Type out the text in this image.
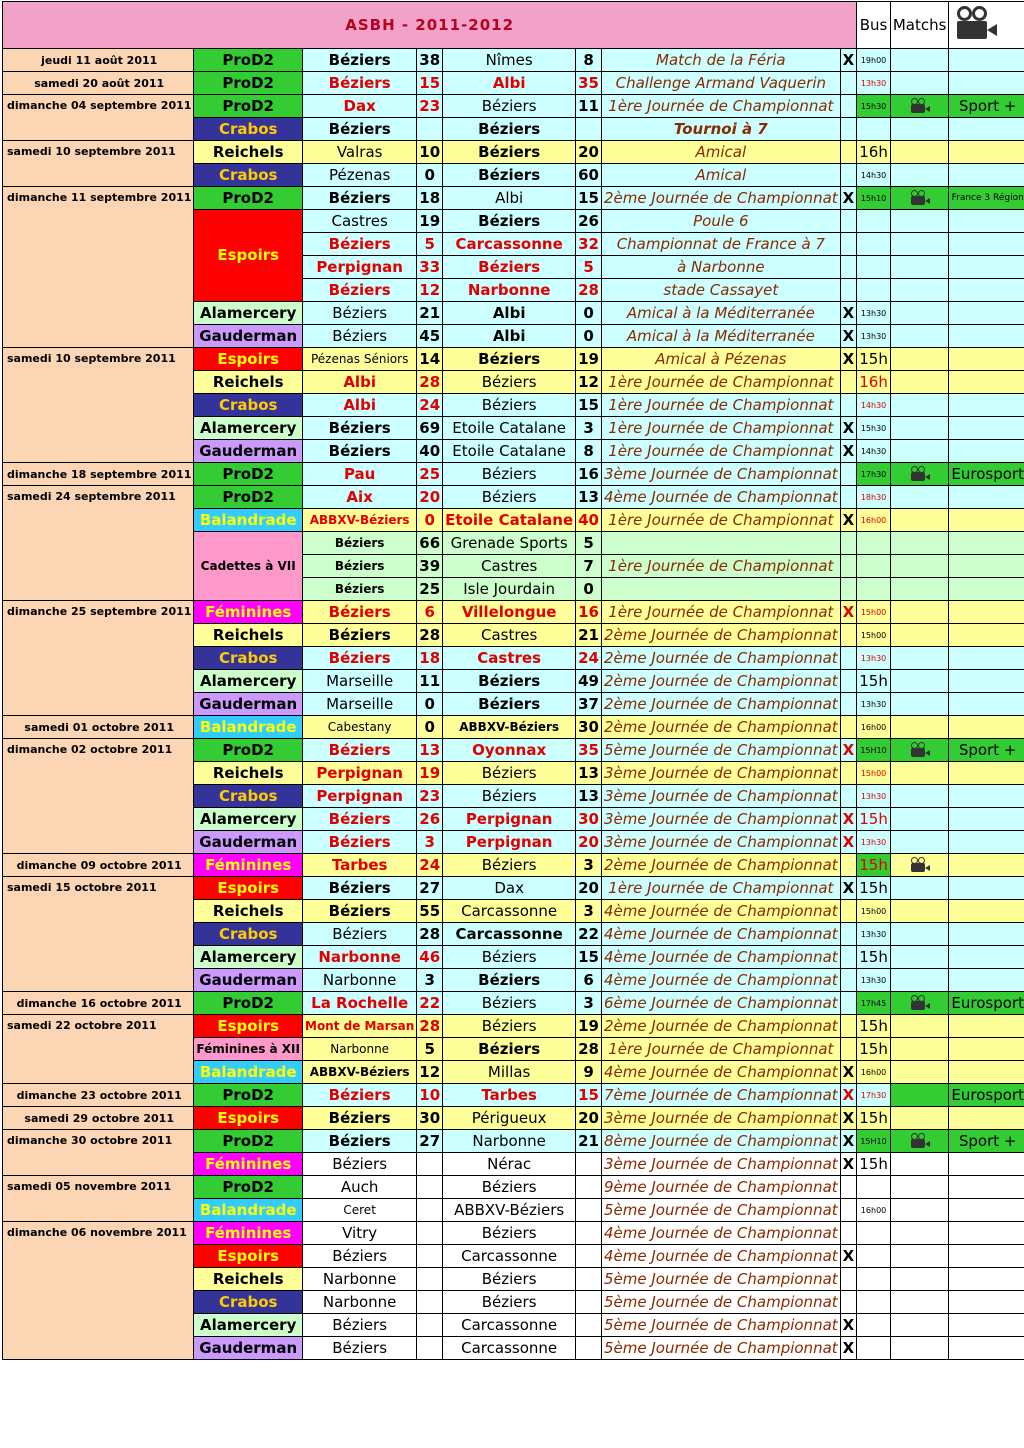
ASBH - 2011-2012								Bus	Matchs	

jeudi 11 août 2011	ProD2	Béziers	38	Nîmes	8	Match de la Féria	X	19h00		
samedi 20 août 2011	ProD2	Béziers	15	Albi	35	Challenge Armand Vaquerin		13h30		
dimanche 04 septembre 2011	ProD2	Dax	23	Béziers	11	1ère Journée de Championnat		15h30		Sport +
	Crabos	Béziers		Béziers		Tournoi à 7				
samedi 10 septembre 2011	Reichels	Valras	10	Béziers	20	Amical		16h		
	Crabos	Pézenas	0	Béziers	60	Amical		14h30		
dimanche 11 septembre 2011	ProD2	Béziers	18	Albi	15	2ème Journée de Championnat	X	15h10		France 3 Région
	Espoirs	Castres	19	Béziers	26	Poule 6				
		Béziers	5	Carcassonne	32	Championnat de France à 7				
		Perpignan	33	Béziers	5	à Narbonne				
		Béziers	12	Narbonne	28	stade Cassayet				
	Alamercery	Béziers	21	Albi	0	Amical à la Méditerranée	X	13h30		
	Gauderman	Béziers	45	Albi	0	Amical à la Méditerranée	X	13h30		
samedi 10 septembre 2011	Espoirs	Pézenas Séniors	14	Béziers	19	Amical à Pézenas	X	15h		
	Reichels	Albi	28	Béziers	12	1ère Journée de Championnat		16h		
	Crabos	Albi	24	Béziers	15	1ère Journée de Championnat		14h30		
	Alamercery	Béziers	69	Etoile Catalane	3	1ère Journée de Championnat	X	15h30		
	Gauderman	Béziers	40	Etoile Catalane	8	1ère Journée de Championnat	X	14h30		
dimanche 18 septembre 2011	ProD2	Pau	25	Béziers	16	3ème Journée de Championnat		17h30		Eurosport
samedi 24 septembre 2011	ProD2	Aix	20	Béziers	13	4ème Journée de Championnat		18h30		
	Balandrade	ABBXV-Béziers	0	Etoile Catalane	40	1ère Journée de Championnat	X	16h00		
	Cadettes à VII	Béziers	66	Grenade Sports	5					
		Béziers	39	Castres	7	1ère Journée de Championnat				
		Béziers	25	Isle Jourdain	0					
dimanche 25 septembre 2011	Féminines	Béziers	6	Villelongue	16	1ère Journée de Championnat	X	15h00		
	Reichels	Béziers	28	Castres	21	2ème Journée de Championnat		15h00		
	Crabos	Béziers	18	Castres	24	2ème Journée de Championnat		13h30		
	Alamercery	Marseille	11	Béziers	49	2ème Journée de Championnat		15h		
	Gauderman	Marseille	0	Béziers	37	2ème Journée de Championnat		13h30		
samedi 01 octobre 2011	Balandrade	Cabestany	0	ABBXV-Béziers	30	2ème Journée de Championnat		16h00		
dimanche 02 octobre 2011	ProD2	Béziers	13	Oyonnax	35	5ème Journée de Championnat	X	15H10		Sport +
	Reichels	Perpignan	19	Béziers	13	3ème Journée de Championnat		15h00		
	Crabos	Perpignan	23	Béziers	13	3ème Journée de Championnat		13h30		
	Alamercery	Béziers	26	Perpignan	30	3ème Journée de Championnat	X	15h		
	Gauderman	Béziers	3	Perpignan	20	3ème Journée de Championnat	X	13h30		
dimanche 09 octobre 2011	Féminines	Tarbes	24	Béziers	3	2ème Journée de Championnat		15h	

samedi 15 octobre 2011	Espoirs	Béziers	27	Dax	20	1ère Journée de Championnat	X	15h		
	Reichels	Béziers	55	Carcassonne	3	4ème Journée de Championnat		15h00		
	Crabos	Béziers	28	Carcassonne	22	4ème Journée de Championnat		13h30		
	Alamercery	Narbonne	46	Béziers	15	4ème Journée de Championnat		15h		
	Gauderman	Narbonne	3	Béziers	6	4ème Journée de Championnat		13h30		
dimanche 16 octobre 2011	ProD2	La Rochelle	22	Béziers	3	6ème Journée de Championnat		17h45		Eurosport
samedi 22 octobre 2011	Espoirs	Mont de Marsan	28	Béziers	19	2ème Journée de Championnat		15h		
	Féminines à XII	Narbonne	5	Béziers	28	1ère Journée de Championnat		15h		
	Balandrade	ABBXV-Béziers	12	Millas	9	4ème Journée de Championnat	X	16h00		
dimanche 23 octobre 2011	ProD2	Béziers	10	Tarbes	15	7ème Journée de Championnat	X	17h30		Eurosport
samedi 29 octobre 2011	Espoirs	Béziers	30	Périgueux	20	3ème Journée de Championnat	X	15h		
dimanche 30 octobre 2011	ProD2	Béziers	27	Narbonne	21	8ème Journée de Championnat	X	15H10		Sport +
	Féminines	Béziers		Nérac		3ème Journée de Championnat	X	15h		
samedi 05 novembre 2011	ProD2	Auch		Béziers		9ème Journée de Championnat				
	Balandrade	Ceret		ABBXV-Béziers		5ème Journée de Championnat		16h00		
dimanche 06 novembre 2011	Féminines	Vitry		Béziers		4ème Journée de Championnat				
	Espoirs	Béziers		Carcassonne		4ème Journée de Championnat	X			
	Reichels	Narbonne		Béziers		5ème Journée de Championnat				
	Crabos	Narbonne		Béziers		5ème Journée de Championnat				
	Alamercery	Béziers		Carcassonne		5ème Journée de Championnat	X			
	Gauderman	Béziers		Carcassonne		5ème Journée de Championnat	X			
